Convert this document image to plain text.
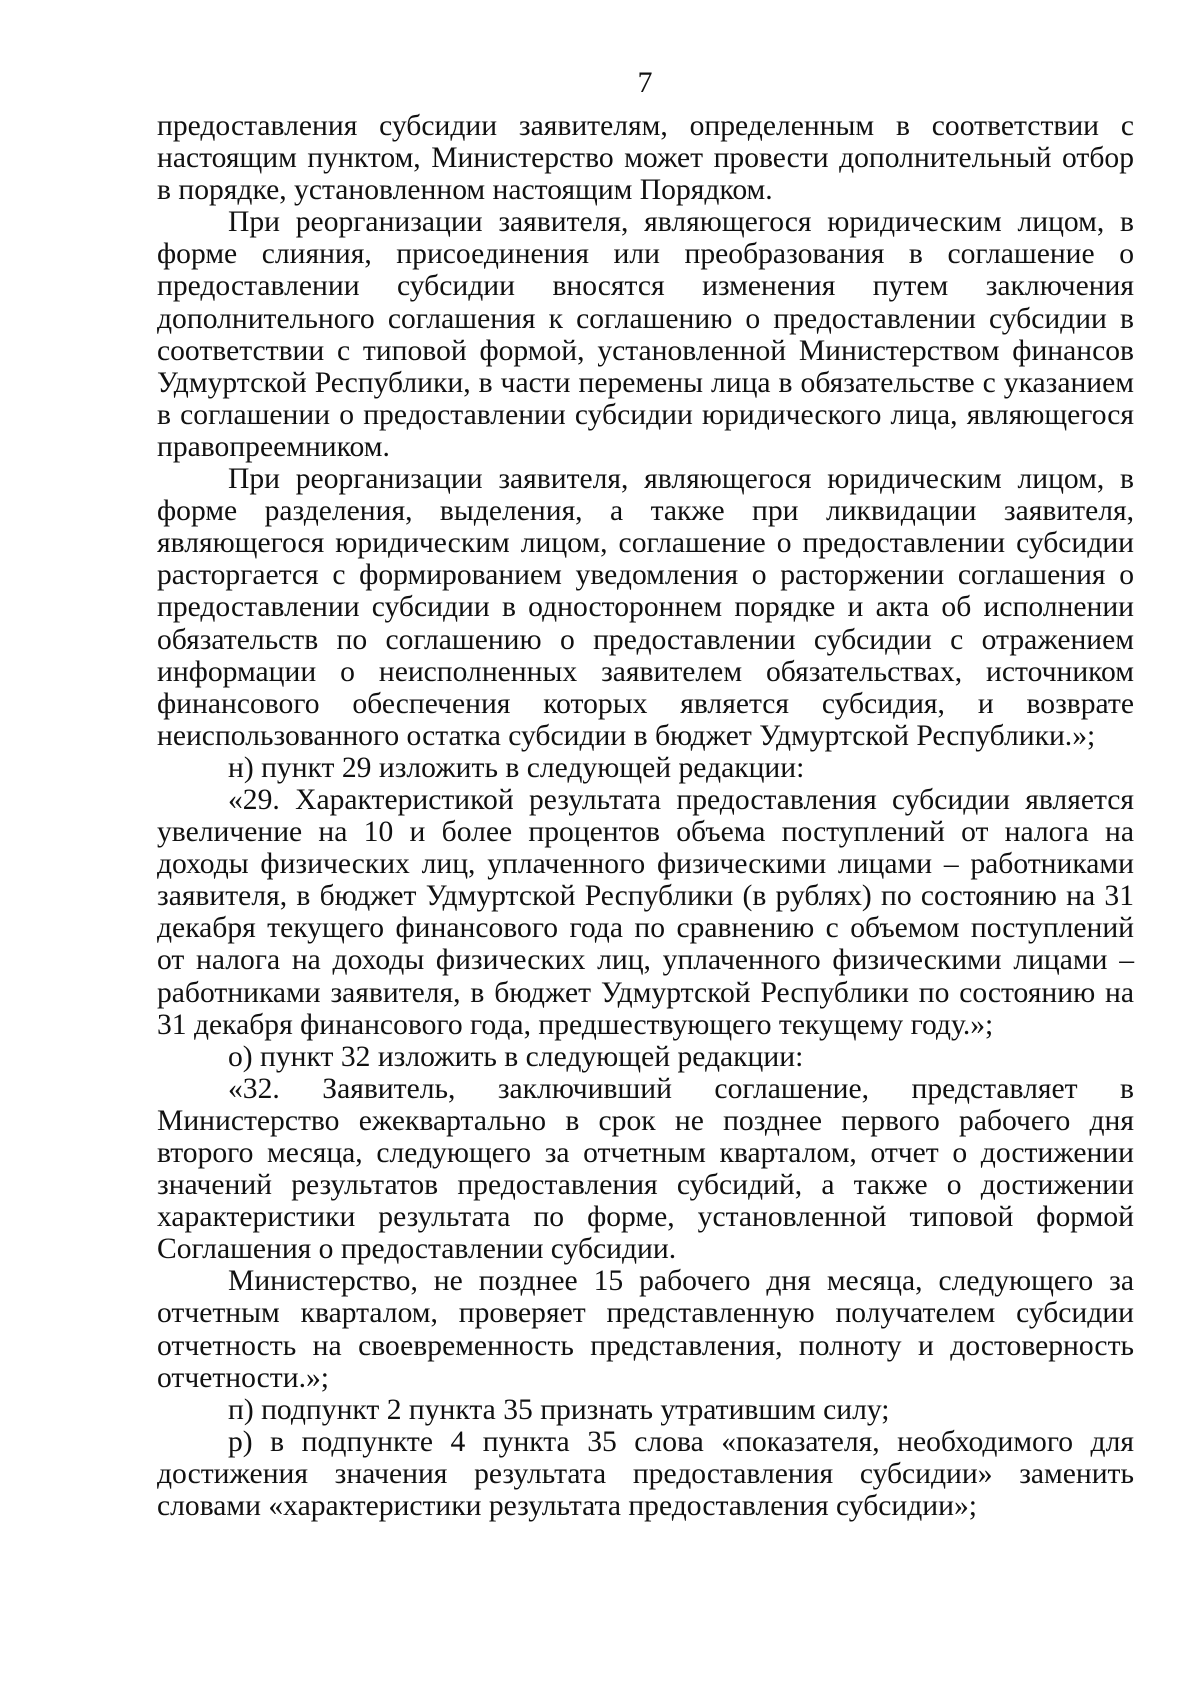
7

предоставления субсидии заявителям, определенным в соответствии с настоящим пунктом, Министерство может провести дополнительный отбор в порядке, установленном настоящим Порядком.

При реорганизации заявителя, являющегося юридическим лицом, в форме слияния, присоединения или преобразования в соглашение о предоставлении субсидии вносятся изменения путем заключения дополнительного соглашения к соглашению о предоставлении субсидии в соответствии с типовой формой, установленной Министерством финансов Удмуртской Республики, в части перемены лица в обязательстве с указанием в соглашении о предоставлении субсидии юридического лица, являющегося правопреемником.

При реорганизации заявителя, являющегося юридическим лицом, в форме разделения, выделения, а также при ликвидации заявителя, являющегося юридическим лицом, соглашение о предоставлении субсидии расторгается с формированием уведомления о расторжении соглашения о предоставлении субсидии в одностороннем порядке и акта об исполнении обязательств по соглашению о предоставлении субсидии с отражением информации о неисполненных заявителем обязательствах, источником финансового обеспечения которых является субсидия, и возврате неиспользованного остатка субсидии в бюджет Удмуртской Республики.»;

н) пункт 29 изложить в следующей редакции:

«29. Характеристикой результата предоставления субсидии является увеличение на 10 и более процентов объема поступлений от налога на доходы физических лиц, уплаченного физическими лицами – работниками заявителя, в бюджет Удмуртской Республики (в рублях) по состоянию на 31 декабря текущего финансового года по сравнению с объемом поступлений от налога на доходы физических лиц, уплаченного физическими лицами – работниками заявителя, в бюджет Удмуртской Республики по состоянию на 31 декабря финансового года, предшествующего текущему году.»;

о) пункт 32 изложить в следующей редакции:

«32. Заявитель, заключивший соглашение, представляет в Министерство ежеквартально в срок не позднее первого рабочего дня второго месяца, следующего за отчетным кварталом, отчет о достижении значений результатов предоставления субсидий, а также о достижении характеристики результата по форме, установленной типовой формой Соглашения о предоставлении субсидии.

Министерство, не позднее 15 рабочего дня месяца, следующего за отчетным кварталом, проверяет представленную получателем субсидии отчетность на своевременность представления, полноту и достоверность отчетности.»;

п) подпункт 2 пункта 35 признать утратившим силу;

р) в подпункте 4 пункта 35 слова «показателя, необходимого для достижения значения результата предоставления субсидии» заменить словами «характеристики результата предоставления субсидии»;
